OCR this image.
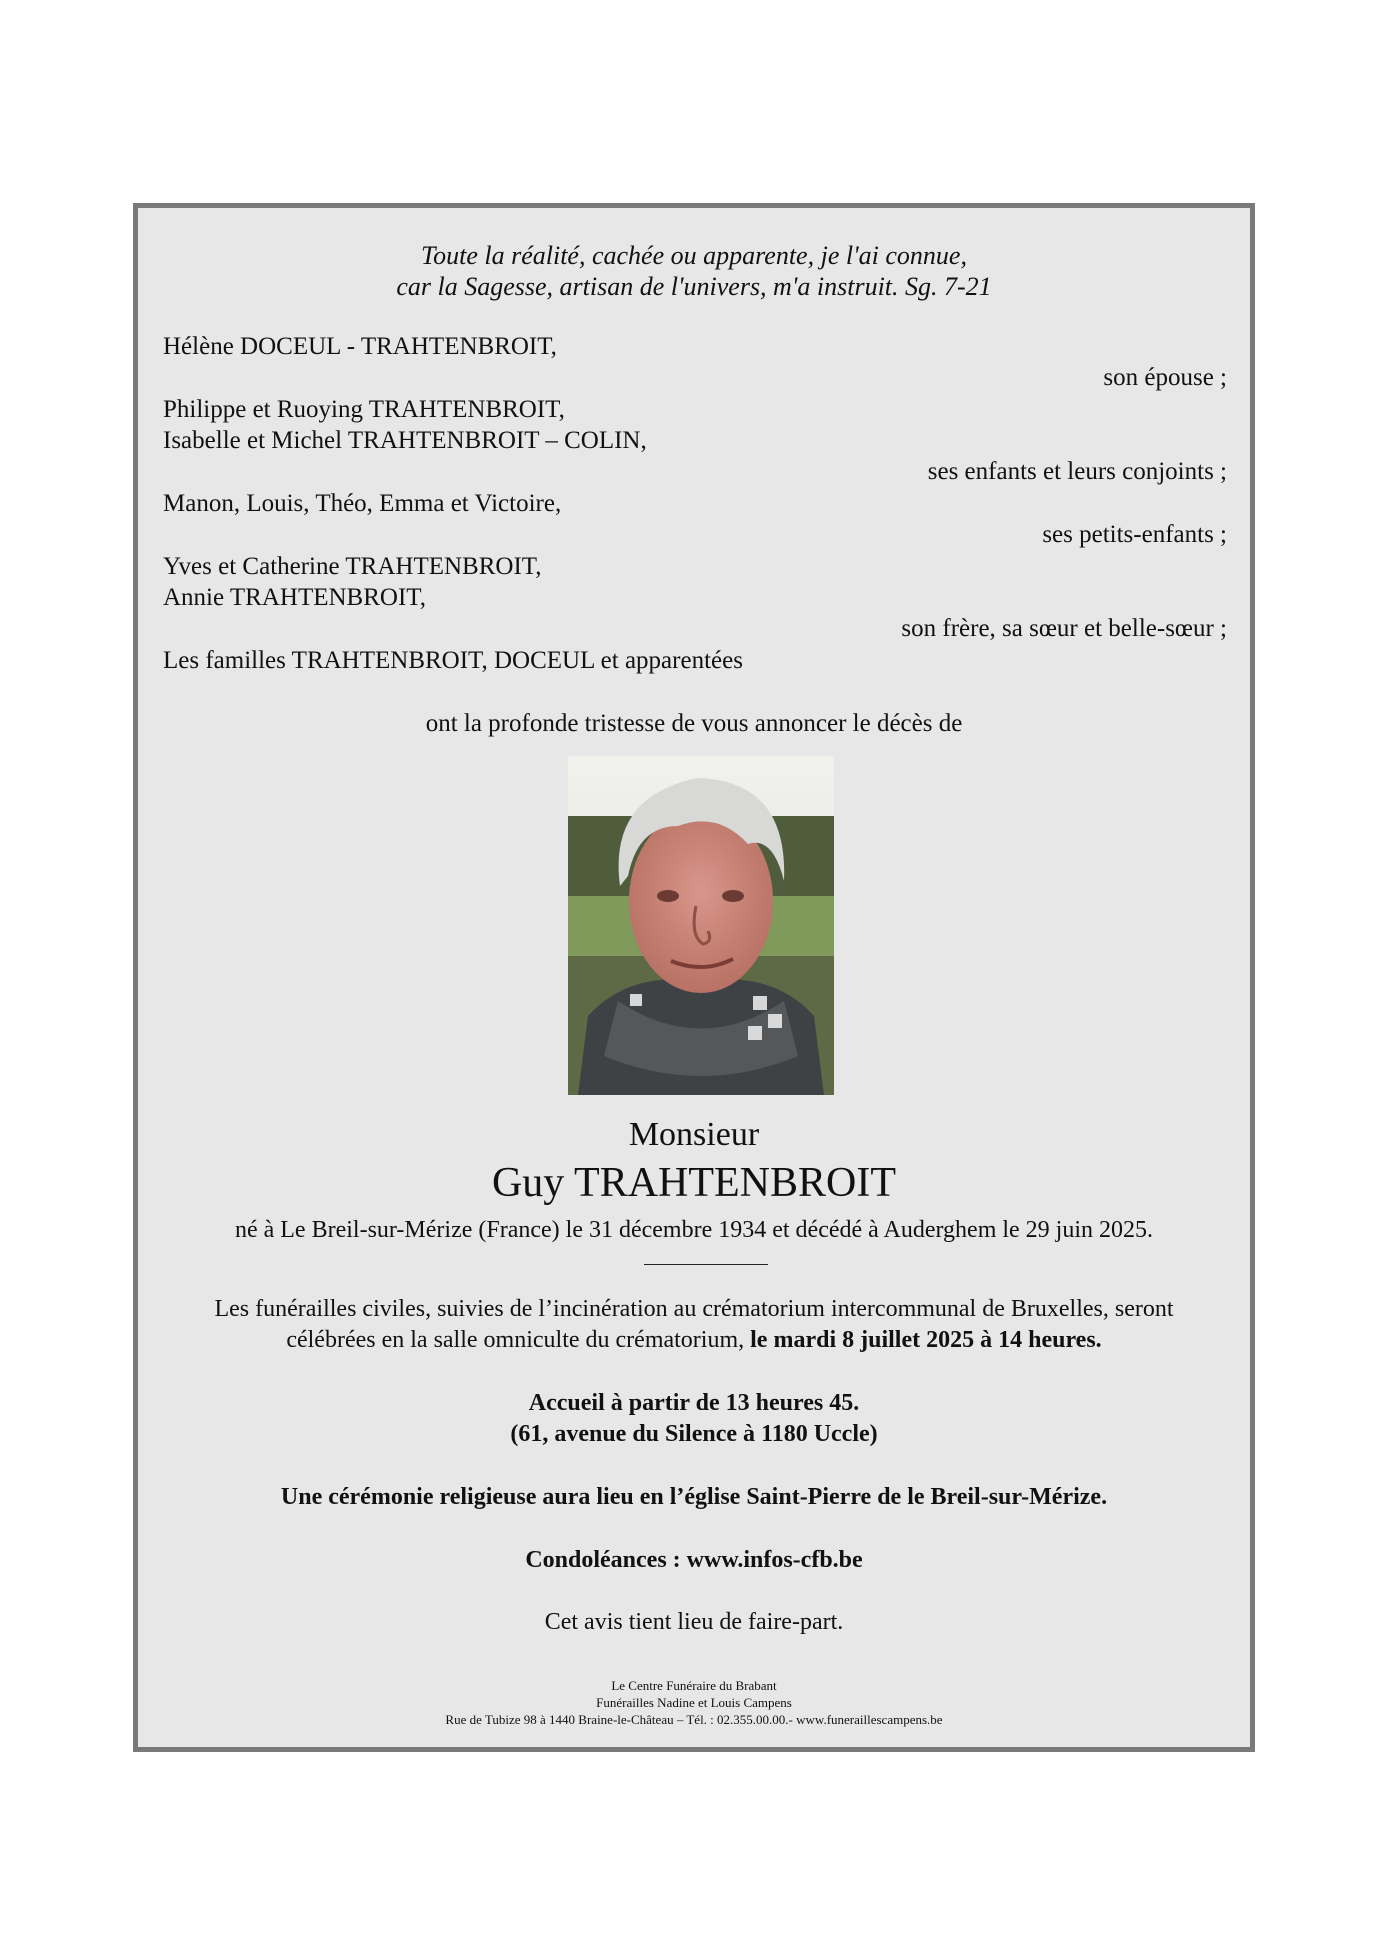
Toute la réalité, cachée ou apparente, je l'ai connue,
car la Sagesse, artisan de l'univers, m'a instruit. Sg. 7-21
Hélène DOCEUL - TRAHTENBROIT,
son épouse ;
Philippe et Ruoying TRAHTENBROIT,
Isabelle et Michel TRAHTENBROIT – COLIN,
ses enfants et leurs conjoints ;
Manon, Louis, Théo, Emma et Victoire,
ses petits-enfants ;
Yves et Catherine TRAHTENBROIT,
Annie TRAHTENBROIT,
son frère, sa sœur et belle-sœur ;
Les familles TRAHTENBROIT, DOCEUL et apparentées
ont la profonde tristesse de vous annoncer le décès de
Monsieur
Guy TRAHTENBROIT
né à Le Breil-sur-Mérize (France) le 31 décembre 1934 et décédé à Auderghem le 29 juin 2025.
Les funérailles civiles, suivies de l’incinération au crématorium intercommunal de Bruxelles, seront
célébrées en la salle omniculte du crématorium, le mardi 8 juillet 2025 à 14 heures.
Accueil à partir de 13 heures 45.
(61, avenue du Silence à 1180 Uccle)
Une cérémonie religieuse aura lieu en l’église Saint-Pierre de le Breil-sur-Mérize.
Condoléances : www.infos-cfb.be
Cet avis tient lieu de faire-part.
Le Centre Funéraire du Brabant
Funérailles Nadine et Louis Campens
Rue de Tubize 98 à 1440 Braine-le-Château – Tél. : 02.355.00.00.- www.funeraillescampens.be
